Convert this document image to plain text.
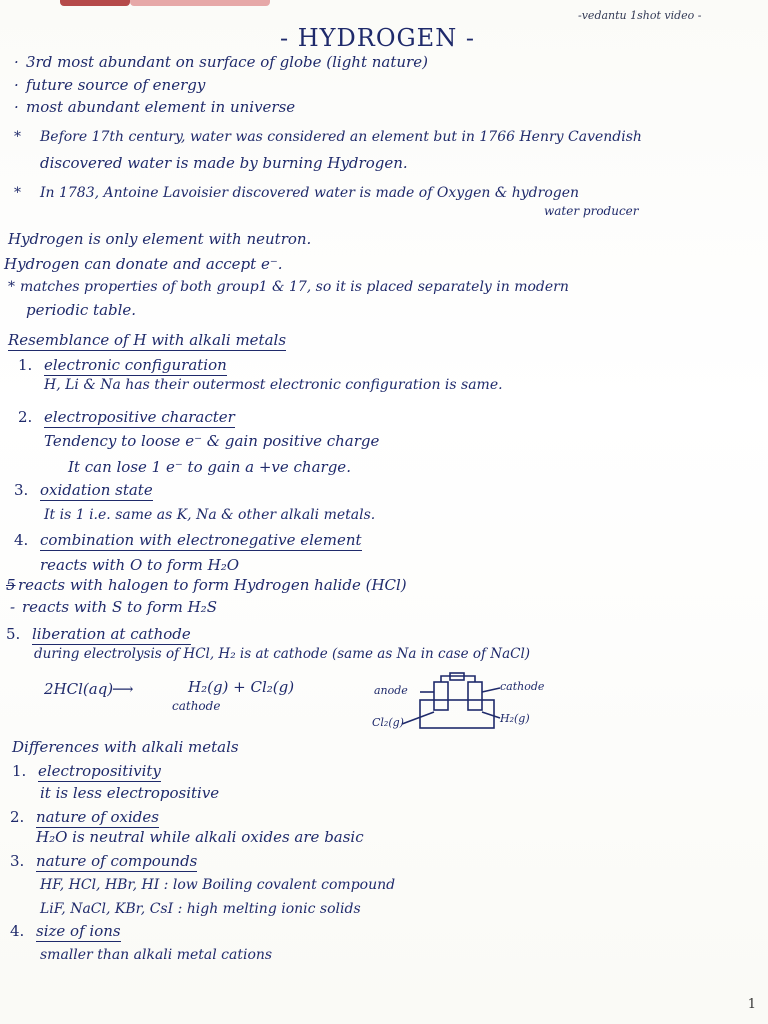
-vedantu 1shot video -
- HYDROGEN -
· 3rd most abundant on surface of globe (light nature)
· future source of energy
· most abundant element in universe
* Before 17th century, water was considered an element but in 1766 Henry Cavendish
discovered water is made by burning Hydrogen.
* In 1783, Antoine Lavoisier discovered water is made of Oxygen & hydrogen
water producer
Hydrogen is only element with neutron.
Hydrogen can donate and accept e⁻.
* matches properties of both group1 & 17, so it is placed separately in modern
periodic table.
Resemblance of H with alkali metals
1. electronic configuration
H, Li & Na has their outermost electronic configuration is same.
2. electropositive character
Tendency to loose e⁻ & gain positive charge
It can lose 1 e⁻ to gain a +ve charge.
3. oxidation state
It is 1 i.e. same as K, Na & other alkali metals.
4. combination with electronegative element
reacts with O to form H₂O
5 reacts with halogen to form Hydrogen halide (HCl)
- reacts with S to form H₂S
5. liberation at cathode
during electrolysis of HCl, H₂ is at cathode (same as Na in case of NaCl)
2HCl(aq)
⟶	H₂(g) + Cl₂(g)
cathode
anode	cathode
Cl₂(g)	H₂(g)
Differences with alkali metals
1. electropositivity
it is less electropositive
2. nature of oxides
H₂O is neutral while alkali oxides are basic
3. nature of compounds
HF, HCl, HBr, HI : low Boiling covalent compound
LiF, NaCl, KBr, CsI : high melting ionic solids
4. size of ions
smaller than alkali metal cations
1
